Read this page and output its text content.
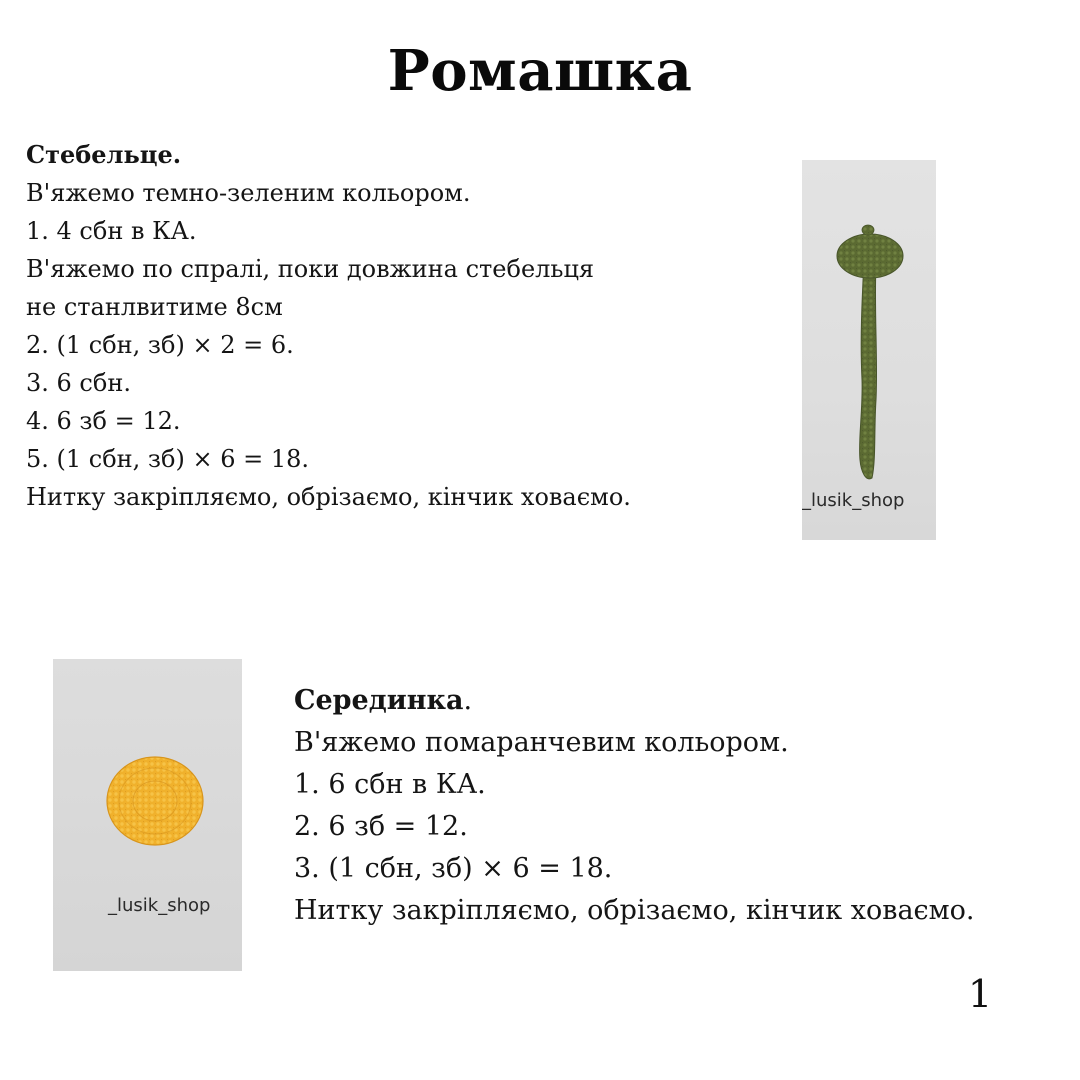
Ромашка
Стебельце.
В'яжемо темно-зеленим кольором.
1. 4 сбн в КА.
В'яжемо по спралі, поки довжина стебельця
не станлвитиме 8см
2. (1 сбн, зб) × 2 = 6.
3. 6 сбн.
4. 6 зб = 12.
5. (1 сбн, зб) × 6 = 18.
Нитку закріпляємо, обрізаємо, кінчик ховаємо.	_lusik_shop
_lusik_shop
Серединка.
В'яжемо помаранчевим кольором.
1. 6 сбн в КА.
2. 6 зб = 12.
3. (1 сбн, зб) × 6 = 18.
Нитку закріпляємо, обрізаємо, кінчик ховаємо.
1
